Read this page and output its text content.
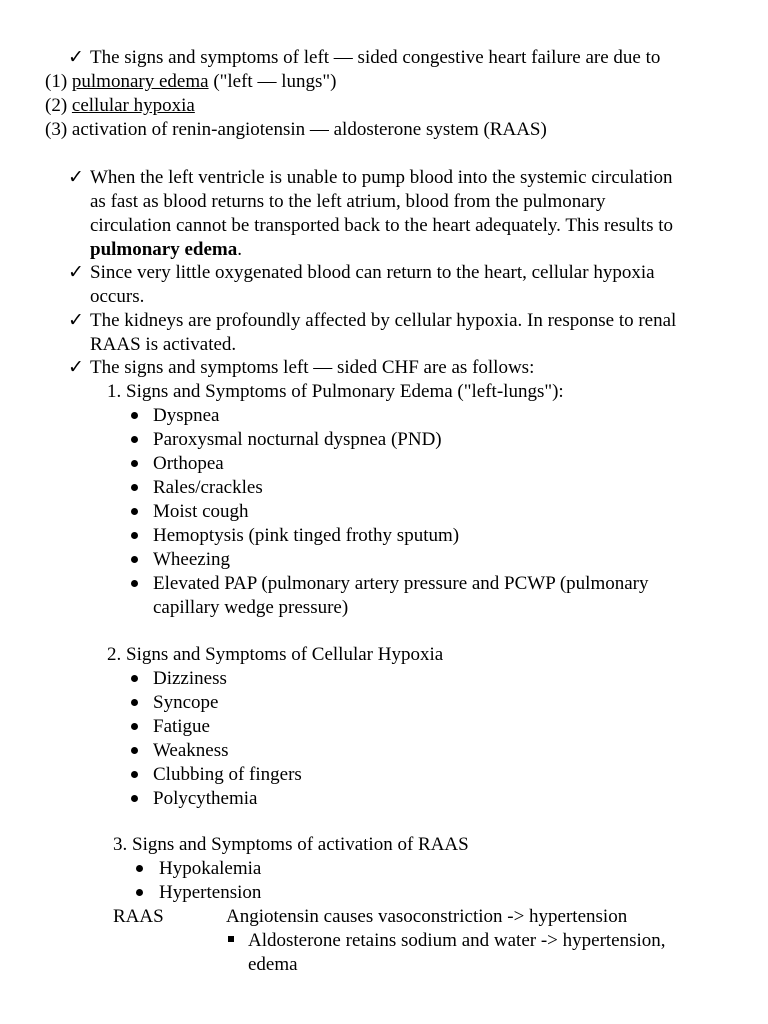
✓ The signs and symptoms of left — sided congestive heart failure are due to
(1) pulmonary edema ("left — lungs")
(2) cellular hypoxia
(3) activation of renin-angiotensin — aldosterone system (RAAS)
✓ When the left ventricle is unable to pump blood into the systemic circulation
as fast as blood returns to the left atrium, blood from the pulmonary
circulation cannot be transported back to the heart adequately. This results to
pulmonary edema.
✓ Since very little oxygenated blood can return to the heart, cellular hypoxia
occurs.
✓ The kidneys are profoundly affected by cellular hypoxia. In response to renal
RAAS is activated.
✓ The signs and symptoms left — sided CHF are as follows:
1. Signs and Symptoms of Pulmonary Edema ("left-lungs"):
Dyspnea
Paroxysmal nocturnal dyspnea (PND)
Orthopea
Rales/crackles
Moist cough
Hemoptysis (pink tinged frothy sputum)
Wheezing
Elevated PAP (pulmonary artery pressure and PCWP (pulmonary
capillary wedge pressure)
2. Signs and Symptoms of Cellular Hypoxia
Dizziness
Syncope
Fatigue
Weakness
Clubbing of fingers
Polycythemia
3. Signs and Symptoms of activation of RAAS
Hypokalemia
Hypertension
RAAS	Angiotensin causes vasoconstriction -> hypertension
Aldosterone retains sodium and water -> hypertension,
edema
